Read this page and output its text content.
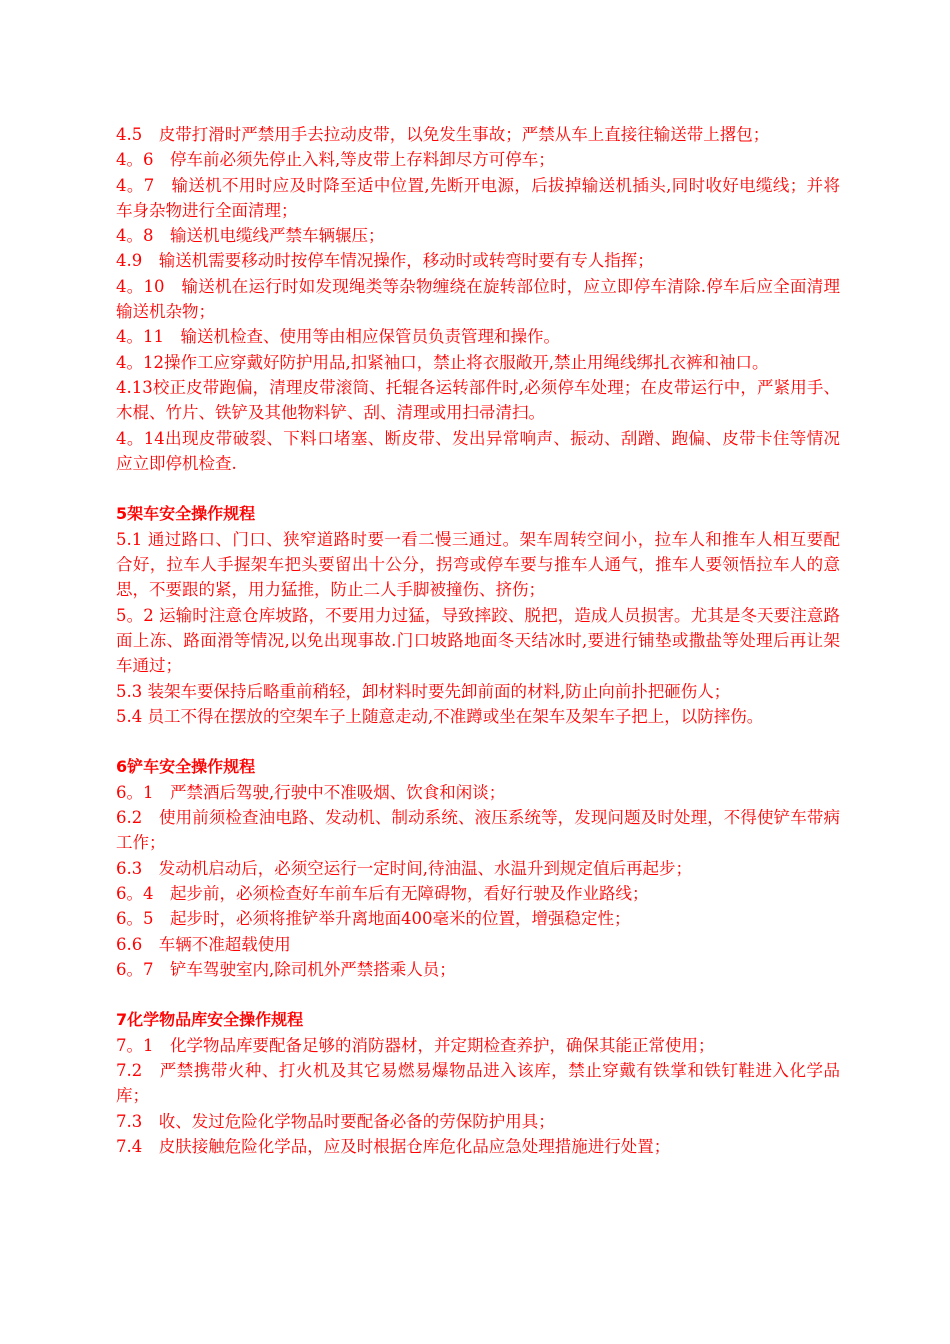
4.5　皮带打滑时严禁用手去拉动皮带，以免发生事故；严禁从车上直接往输送带上撂包；

4。6　停车前必须先停止入料,等皮带上存料卸尽方可停车；

4。7　输送机不用时应及时降至适中位置,先断开电源，后拔掉输送机插头,同时收好电缆线；并将车身杂物进行全面清理；

4。8　输送机电缆线严禁车辆辗压；

4.9　输送机需要移动时按停车情况操作，移动时或转弯时要有专人指挥；

4。10　输送机在运行时如发现绳类等杂物缠绕在旋转部位时，应立即停车清除.停车后应全面清理输送机杂物；

4。11　输送机检查、使用等由相应保管员负责管理和操作。

4。12操作工应穿戴好防护用品,扣紧袖口，禁止将衣服敞开,禁止用绳线绑扎衣裤和袖口。

4.13校正皮带跑偏，清理皮带滚筒、托辊各运转部件时,必须停车处理；在皮带运行中，严紧用手、木棍、竹片、铁铲及其他物料铲、刮、清理或用扫帚清扫。

4。14出现皮带破裂、下料口堵塞、断皮带、发出异常响声、振动、刮蹭、跑偏、皮带卡住等情况应立即停机检查.

5架车安全操作规程

5.1 通过路口、门口、狭窄道路时要一看二慢三通过。架车周转空间小，拉车人和推车人相互要配合好，拉车人手握架车把头要留出十公分，拐弯或停车要与推车人通气，推车人要领悟拉车人的意思，不要跟的紧，用力猛推，防止二人手脚被撞伤、挤伤；

5。2 运输时注意仓库坡路，不要用力过猛，导致摔跤、脱把，造成人员损害。尤其是冬天要注意路面上冻、路面滑等情况,以免出现事故.门口坡路地面冬天结冰时,要进行铺垫或撒盐等处理后再让架车通过；

5.3 装架车要保持后略重前稍轻，卸材料时要先卸前面的材料,防止向前扑把砸伤人；

5.4 员工不得在摆放的空架车子上随意走动,不准蹲或坐在架车及架车子把上，以防摔伤。

6铲车安全操作规程

6。1　严禁酒后驾驶,行驶中不准吸烟、饮食和闲谈；

6.2　使用前须检查油电路、发动机、制动系统、液压系统等，发现问题及时处理，不得使铲车带病工作；

6.3　发动机启动后，必须空运行一定时间,待油温、水温升到规定值后再起步；

6。4　起步前，必须检查好车前车后有无障碍物，看好行驶及作业路线；

6。5　起步时，必须将推铲举升离地面400毫米的位置，增强稳定性；

6.6　车辆不准超载使用

6。7　铲车驾驶室内,除司机外严禁搭乘人员；

7化学物品库安全操作规程

7。1　化学物品库要配备足够的消防器材，并定期检查养护，确保其能正常使用；

7.2　严禁携带火种、打火机及其它易燃易爆物品进入该库，禁止穿戴有铁掌和铁钉鞋进入化学品库；

7.3　收、发过危险化学物品时要配备必备的劳保防护用具；

7.4　皮肤接触危险化学品，应及时根据仓库危化品应急处理措施进行处置；
